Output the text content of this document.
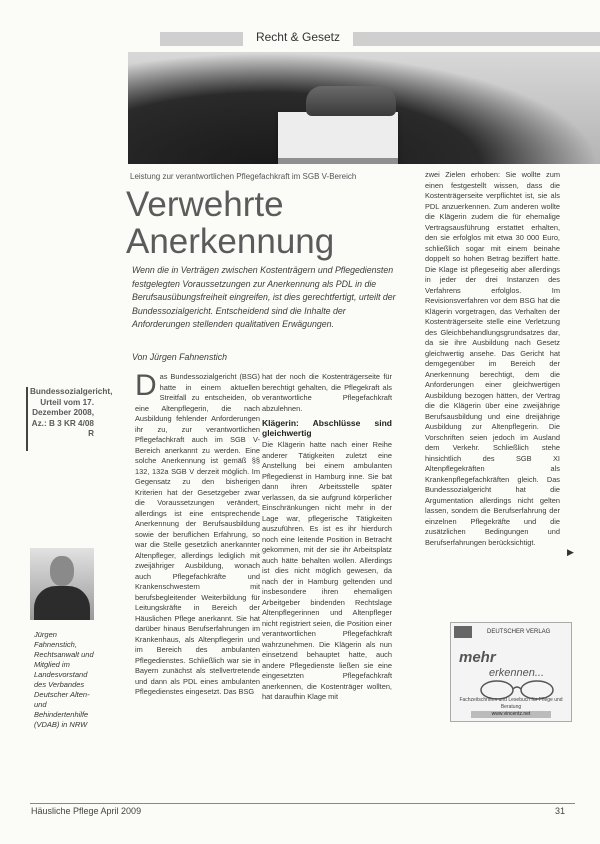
Recht & Gesetz
Leistung zur verantwortlichen Pflegefachkraft im SGB V-Bereich
Verwehrte
Anerkennung
Wenn die in Verträgen zwischen Kostenträgern und Pflegediensten festgelegten Voraussetzungen zur Anerkennung als PDL in die Berufsausübungsfreiheit eingreifen, ist dies gerechtfertigt, urteilt der Bundessozialgericht. Entscheidend sind die Inhalte der Anforderungen stellenden qualitativen Erwägungen.
Von Jürgen Fahnenstich
Bundessozialgericht, Urteil vom 17. Dezember 2008, Az.: B 3 KR 4/08 R
Jürgen Fahnenstich, Rechtsanwalt und Mitglied im Landesvorstand des Verbandes Deutscher Alten- und Behindertenhilfe (VDAB) in NRW

Das Bundessozialgericht (BSG) hatte in einem aktuellen Streitfall zu entscheiden, ob eine Altenpflegerin, die nach Ausbildung fehlender Anforderungen ihr zu, zur verantwortlichen Pflegefachkraft auch im SGB V-Bereich anerkannt zu werden. Eine solche Anerkennung ist gemäß §§ 132, 132a SGB V derzeit möglich. Im Gegensatz zu den bisherigen Kriterien hat der Gesetzgeber zwar die Voraussetzungen verändert, allerdings ist eine entsprechende Anerkennung der Berufsausbildung sowie der beruflichen Erfahrung, so war die Stelle gesetzlich anerkannter Altenpfleger, allerdings lediglich mit zweijähriger Ausbildung, wonach auch Pflegefachkräfte und Krankenschwestern mit berufsbegleitender Weiterbildung für Leitungskräfte in Bereich der Häuslichen Pflege anerkannt. Sie hat darüber hinaus Berufserfahrungen im Krankenhaus, als Altenpflegerin und im Bereich des ambulanten Pflegedienstes. Schließlich war sie in Bayern zunächst als stellvertretende und dann als PDL eines ambulanten Pflegedienstes eingesetzt. Das BSG

hat der noch die Kostenträgerseite für berechtigt gehalten, die Pflegekraft als verantwortliche Pflegefachkraft abzulehnen.

Klägerin: Abschlüsse sind gleichwertig

Die Klägerin hatte nach einer Reihe anderer Tätigkeiten zuletzt eine Anstellung bei einem ambulanten Pflegedienst in Hamburg inne. Sie bat dann ihren Arbeitsstelle später verlassen, da sie aufgrund körperlicher Einschränkungen nicht mehr in der Lage war, pflegerische Tätigkeiten auszuführen. Es ist es ihr hierdurch noch eine leitende Position in Betracht gekommen, mit der sie ihr Arbeitsplatz auch hätte behalten wollen. Allerdings ist dies nicht möglich gewesen, da nach der in Hamburg geltenden und insbesondere ihren ehemaligen Arbeitgeber bindenden Rechtslage Altenpflegerinnen und Altenpfleger nicht registriert seien, die Position einer verantwortlichen Pflegefachkraft wahrzunehmen. Die Klägerin als nun einsetzend behauptet hatte, auch andere Pflegedienste ließen sie eine eingesetzten Pflegefachkraft anerkennen, die Kostenträger wollten, hat daraufhin Klage mit

zwei Zielen erhoben: Sie wollte zum einen festgestellt wissen, dass die Kostenträgerseite verpflichtet ist, sie als PDL anzuerkennen. Zum anderen wollte die Klägerin zudem die für ehemalige Vertragsausführung erstattet erhalten, den sie erfolglos mit etwa 30 000 Euro, schließlich sogar mit einem beinahe doppelt so hohen Betrag beziffert hatte. Die Klage ist pflegeseitig aber allerdings in jeder der drei Instanzen des Verfahrens erfolglos. Im Revisionsverfahren vor dem BSG hat die Klägerin vorgetragen, das Verhalten der Kostenträgerseite stelle eine Verletzung des Gleichbehandlungsgrundsatzes dar, da sie ihre Ausbildung nach Gesetz gleichwertig ansehe. Das Gericht hat demgegenüber im Bereich der Anerkennung berechtigt, dem die Anforderungen einer gleichwertigen Ausbildung bezogen hätten, der Vertrag die die Klägerin über eine zweijährige Berufsausbildung und eine dreijährige Ausbildung zur Altenpflegerin. Die Vorschriften seien jedoch im Ausland dem Verkehr. Schließlich stehe hinsichtlich des SGB XI Altenpflegekräften als Krankenpflegefachkräften gleich. Das Bundessozialgericht hat die Argumentation allerdings nicht gelten lassen, sondern die Berufserfahrung der einzelnen Pflegekräfte und die zusätzlichen Bedingungen und Berufserfahrungen berücksichtigt.

▶
DEUTSCHER VERLAG
mehr
erkennen...
Fachzeitschriften und Lesebuch für Pflege und Beratung
www.vincentz.net
Häusliche Pflege April 2009	31
